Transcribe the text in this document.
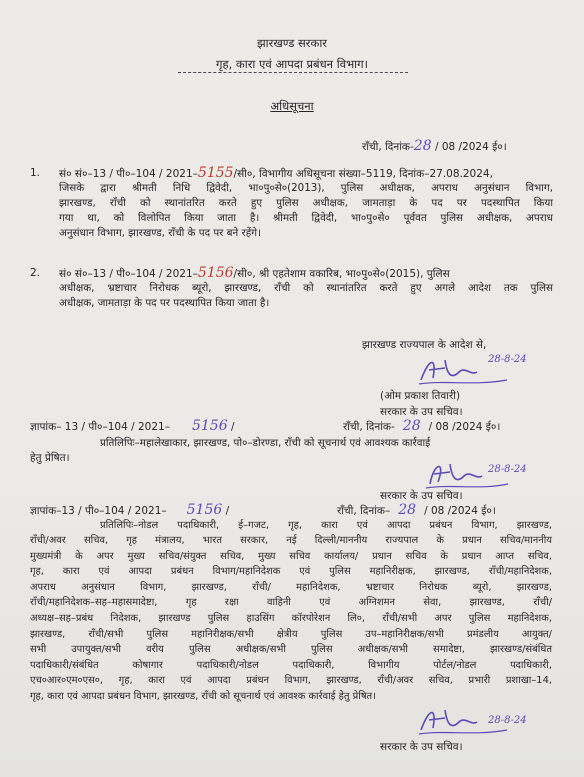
झारखण्ड सरकार
गृह, कारा एवं आपदा प्रबंधन विभाग।
अधिसूचना
राँची, दिनांक-28 / 08 /2024 ई०।
1. सं० सं०–13 / पी०–104 / 2021–5155/सी०, विभागीय अधिसूचना संख्या–5119, दिनांक–27.08.2024,
जिसके द्वारा श्रीमती निधि द्विवेदी, भा०पु०से०(2013), पुलिस अधीक्षक, अपराध अनुसंधान विभाग,
झारखण्ड, राँची को स्थानांतरित करते हुए पुलिस अधीक्षक, जामताड़ा के पद पर पदस्थापित किया
गया था, को विलोपित किया जाता है। श्रीमती द्विवेदी, भा०पु०से० पूर्ववत पुलिस अधीक्षक, अपराध
अनुसंधान विभाग, झारखण्ड, राँची के पद पर बने रहेंगे।
2. सं० सं०–13 / पी०–104 / 2021–5156/सी०, श्री एहतेशाम वकारिब, भा०पु०से०(2015), पुलिस
अधीक्षक, भ्रष्टाचार निरोधक ब्यूरो, झारखण्ड, राँची को स्थानांतरित करते हुए अगले आदेश तक पुलिस
अधीक्षक, जामताड़ा के पद पर पदस्थापित किया जाता है।
झारखण्ड राज्यपाल के आदेश से,
28-8-24
(ओम प्रकाश तिवारी)
सरकार के उप सचिव।
ज्ञापांक– 13 / पी०–104 / 2021– 5156 /	राँची, दिनांक- 28 / 08 /2024 ई०।
प्रतिलिपिः–महालेखाकार, झारखण्ड, पो०–डोरण्डा, राँची को सूचनार्थ एवं आवश्यक कार्रवाई
हेतु प्रेषित।
28-8-24
सरकार के उप सचिव।
ज्ञापांक–13 / पी०–104 / 2021– 5156 /	राँची, दिनांक– 28 / 08 /2024 ई०।
प्रतिलिपिः–नोडल पदाधिकारी, ई–गजट, गृह, कारा एवं आपदा प्रबंधन विभाग, झारखण्ड,
राँची/अवर सचिव, गृह मंत्रालय, भारत सरकार, नई दिल्ली/माननीय राज्यपाल के प्रधान सचिव/माननीय
मुख्यमंत्री के अपर मुख्य सचिव/संयुक्त सचिव, मुख्य सचिव कार्यालय/ प्रधान सचिव के प्रधान आप्त सचिव,
गृह, कारा एवं आपदा प्रबंधन विभाग/महानिदेशक एवं पुलिस महानिरीक्षक, झारखण्ड, राँची/महानिदेशक,
अपराध अनुसंधान विभाग, झारखण्ड, राँची/ महानिदेशक, भ्रष्टाचार निरोधक ब्यूरो, झारखण्ड,
राँची/महानिदेशक–सह–महासमादेष्टा, गृह रक्षा वाहिनी एवं अग्निशमन सेवा, झारखण्ड, राँची/
अध्यक्ष–सह–प्रबंध निदेशक, झारखण्ड पुलिस हाउसिंग कॉरपोरेशन लि०, राँची/सभी अपर पुलिस महानिदेशक,
झारखण्ड, राँची/सभी पुलिस महानिरीक्षक/सभी क्षेत्रीय पुलिस उप–महानिरीक्षक/सभी प्रमंडलीय आयुक्त/
सभी उपायुक्त/सभी वरीय पुलिस अधीक्षक/सभी पुलिस अधीक्षक/सभी समादेष्टा, झारखण्ड/संबंधित
पदाधिकारी/संबंधित कोषागार पदाधिकारी/नोडल पदाधिकारी, विभागीय पोर्टल/नोडल पदाधिकारी,
एच०आर०एम०एस०, गृह, कारा एवं आपदा प्रबंधन विभाग, झारखण्ड, राँची/अवर सचिव, प्रभारी प्रशाखा–14,
गृह, कारा एवं आपदा प्रबंधन विभाग, झारखण्ड, राँची को सूचनार्थ एवं आवश्क कार्रवाई हेतु प्रेषित।
28-8-24
सरकार के उप सचिव।
